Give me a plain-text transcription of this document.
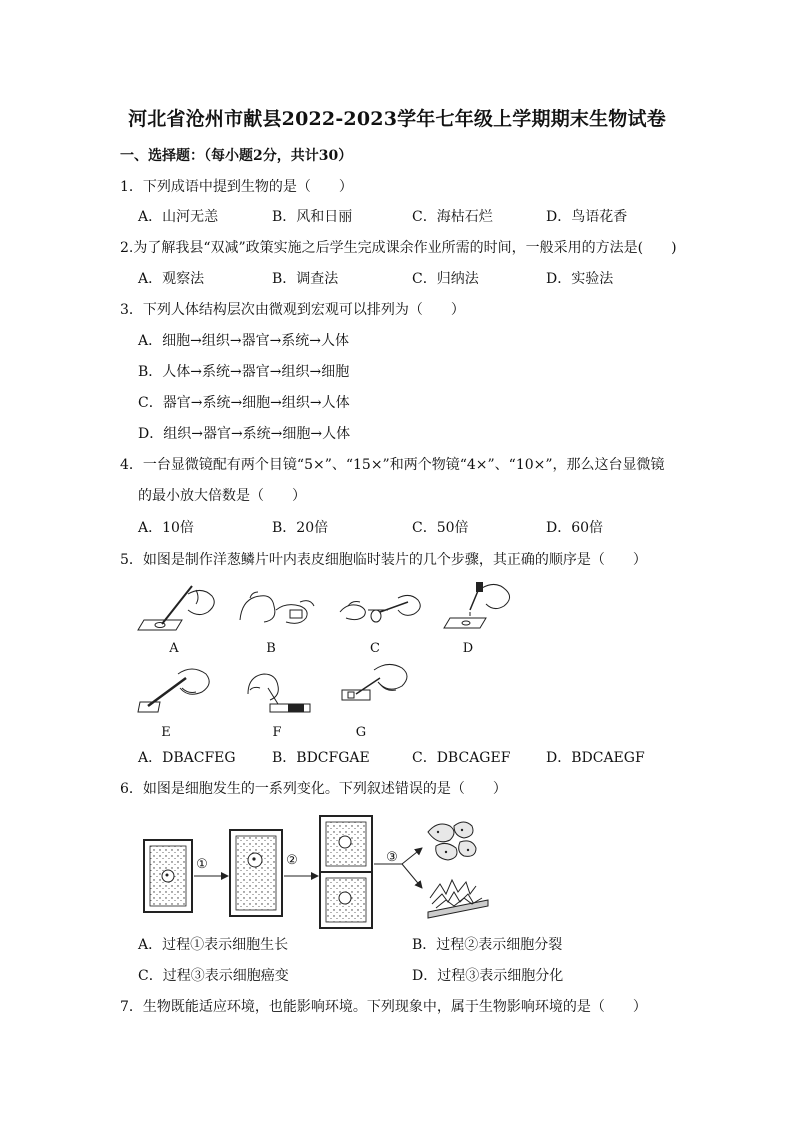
河北省沧州市献县2022-2023学年七年级上学期期末生物试卷
一、选择题：（每小题2分，共计30）
1．下列成语中提到生物的是（　　）
A．山河无恙	B．风和日丽	C．海枯石烂	D．鸟语花香
2.为了解我县“双减”政策实施之后学生完成课余作业所需的时间，一般采用的方法是(　　)
A．观察法	B．调查法	C．归纳法	D．实验法
3．下列人体结构层次由微观到宏观可以排列为（　　）
A．细胞→组织→器官→系统→人体
B．人体→系统→器官→组织→细胞
C．器官→系统→细胞→组织→人体
D．组织→器官→系统→细胞→人体
4．一台显微镜配有两个目镜“5×”、“15×”和两个物镜“4×”、“10×”，那么这台显微镜
的最小放大倍数是（　　）
A．10倍	B．20倍	C．50倍	D．60倍
5．如图是制作洋葱鳞片叶内表皮细胞临时装片的几个步骤，其正确的顺序是（　　）
A	B	C	D
E	F	G
A．DBACFEG	B．BDCFGAE	C．DBCAGEF	D．BDCAEGF
6．如图是细胞发生的一系列变化。下列叙述错误的是（　　）
①	②	③
A．过程①表示细胞生长	B．过程②表示细胞分裂
C．过程③表示细胞癌变	D．过程③表示细胞分化
7．生物既能适应环境，也能影响环境。下列现象中，属于生物影响环境的是（　　）
